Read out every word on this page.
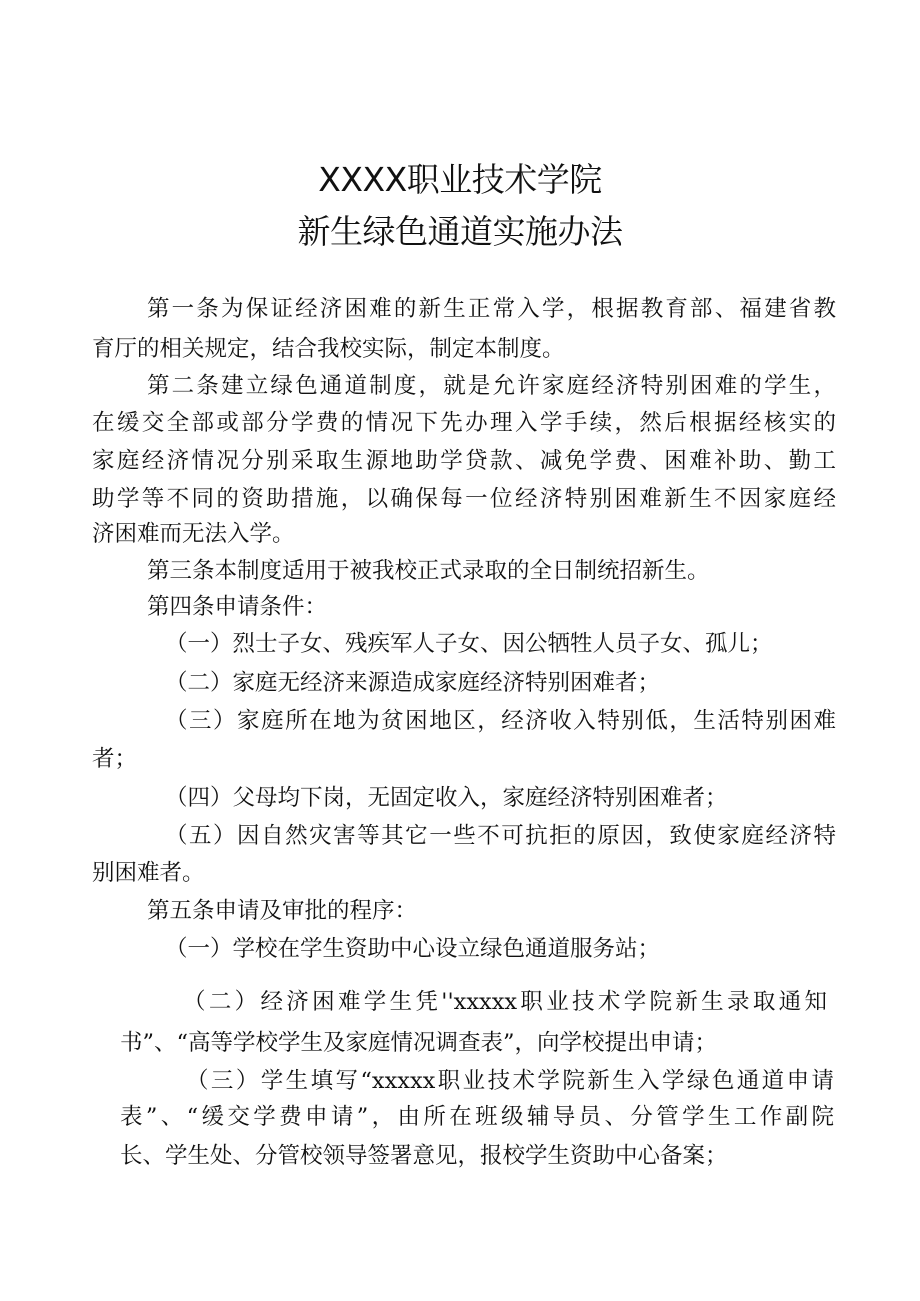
XXXX职业技术学院
新生绿色通道实施办法
第一条为保证经济困难的新生正常入学，根据教育部、福建省教
育厅的相关规定，结合我校实际，制定本制度。
第二条建立绿色通道制度，就是允许家庭经济特别困难的学生，
在缓交全部或部分学费的情况下先办理入学手续，然后根据经核实的
家庭经济情况分别采取生源地助学贷款、减免学费、困难补助、勤工
助学等不同的资助措施，以确保每一位经济特别困难新生不因家庭经
济困难而无法入学。
第三条本制度适用于被我校正式录取的全日制统招新生。
第四条申请条件：
（一）烈士子女、残疾军人子女、因公牺牲人员子女、孤儿；
（二）家庭无经济来源造成家庭经济特别困难者；
（三）家庭所在地为贫困地区，经济收入特别低，生活特别困难
者；
（四）父母均下岗，无固定收入，家庭经济特别困难者；
（五）因自然灾害等其它一些不可抗拒的原因，致使家庭经济特
别困难者。
第五条申请及审批的程序：
（一）学校在学生资助中心设立绿色通道服务站；
（二）经济困难学生凭''xxxxx职业技术学院新生录取通知
书”、“高等学校学生及家庭情况调查表”，向学校提出申请；
（三）学生填写“xxxxx职业技术学院新生入学绿色通道申请
表”、“缓交学费申请”，由所在班级辅导员、分管学生工作副院
长、学生处、分管校领导签署意见，报校学生资助中心备案；
